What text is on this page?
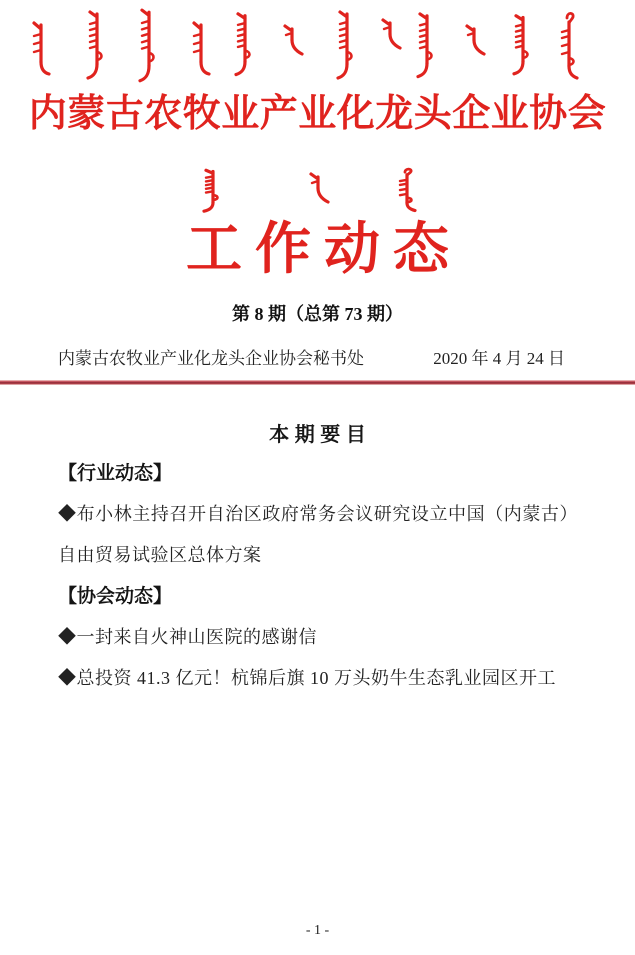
内蒙古农牧业产业化龙头企业协会
工作动态
第 8 期（总第 73 期）
内蒙古农牧业产业化龙头企业协会秘书处	2020 年 4 月 24 日
本 期 要 目
【行业动态】

◆布小林主持召开自治区政府常务会议研究设立中国（内蒙古）自由贸易试验区总体方案

【协会动态】

◆一封来自火神山医院的感谢信

◆总投资 41.3 亿元！杭锦后旗 10 万头奶牛生态乳业园区开工

- 1 -
